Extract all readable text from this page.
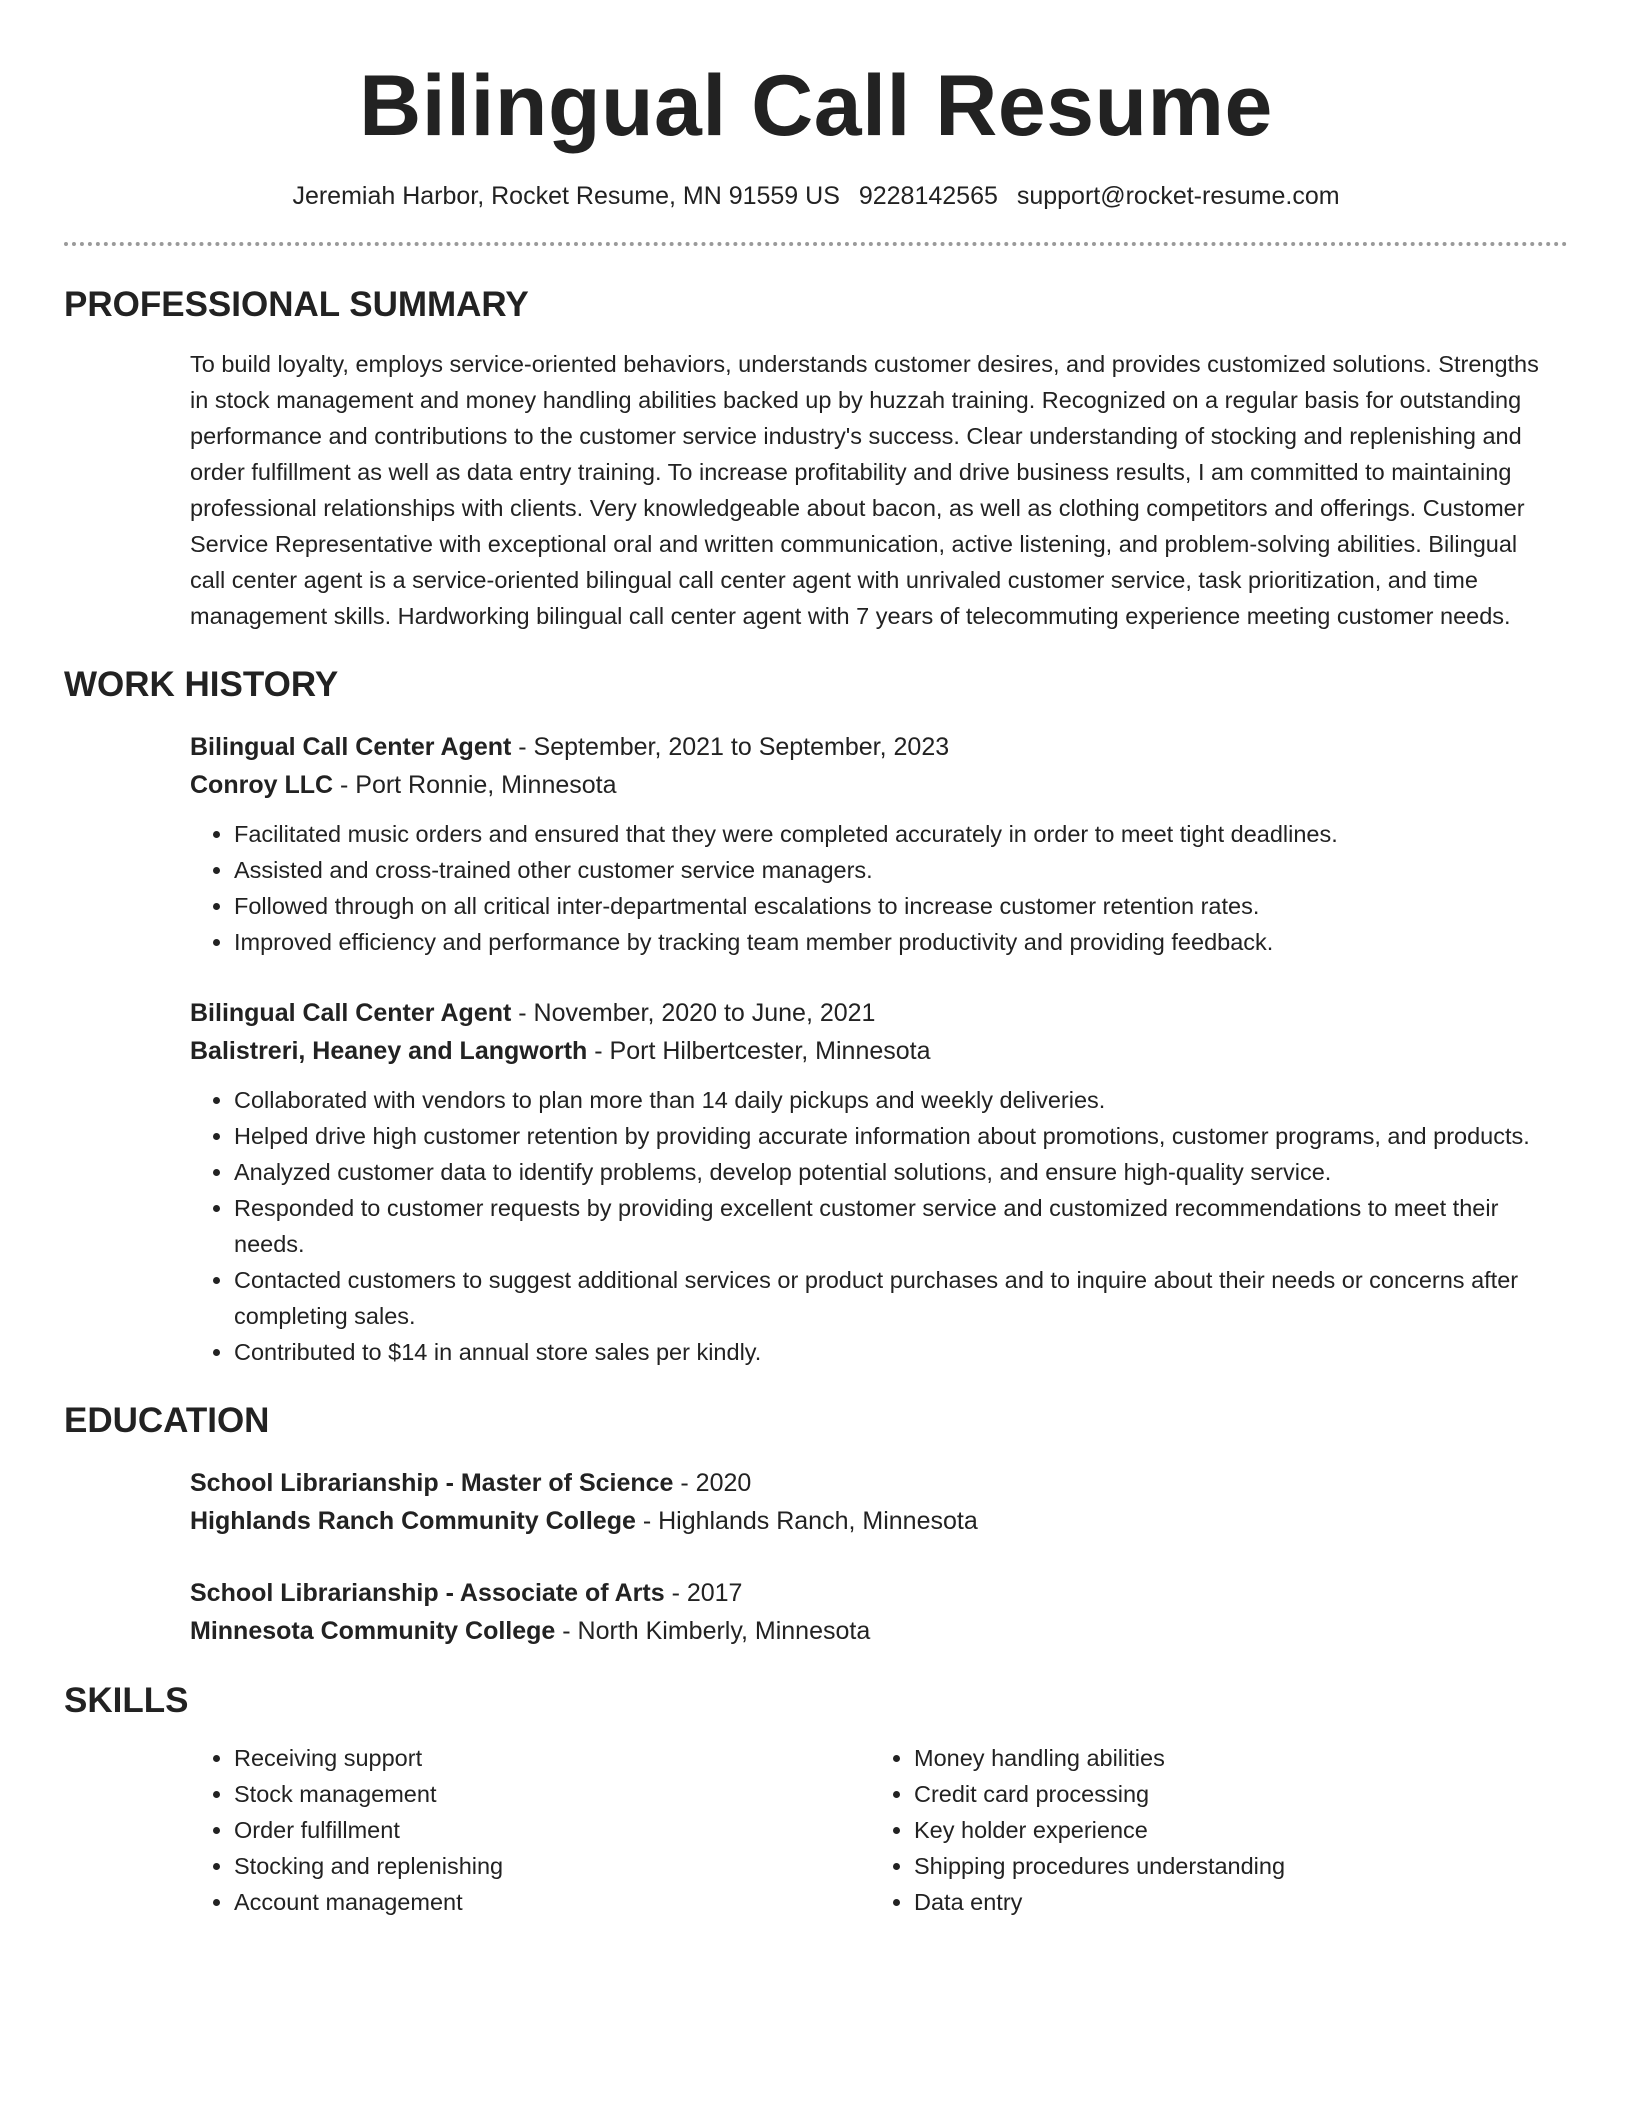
Bilingual Call Resume
Jeremiah Harbor, Rocket Resume, MN 91559 US 9228142565 support@rocket-resume.com
PROFESSIONAL SUMMARY

To build loyalty, employs service-oriented behaviors, understands customer desires, and provides customized solutions. Strengths in stock management and money handling abilities backed up by huzzah training. Recognized on a regular basis for outstanding performance and contributions to the customer service industry's success. Clear understanding of stocking and replenishing and order fulfillment as well as data entry training. To increase profitability and drive business results, I am committed to maintaining professional relationships with clients. Very knowledgeable about bacon, as well as clothing competitors and offerings. Customer Service Representative with exceptional oral and written communication, active listening, and problem-solving abilities. Bilingual call center agent is a service-oriented bilingual call center agent with unrivaled customer service, task prioritization, and time management skills. Hardworking bilingual call center agent with 7 years of telecommuting experience meeting customer needs.

WORK HISTORY
Bilingual Call Center Agent - September, 2021 to September, 2023
Conroy LLC - Port Ronnie, Minnesota
• Facilitated music orders and ensured that they were completed accurately in order to meet tight deadlines.
• Assisted and cross-trained other customer service managers.
• Followed through on all critical inter-departmental escalations to increase customer retention rates.
• Improved efficiency and performance by tracking team member productivity and providing feedback.
Bilingual Call Center Agent - November, 2020 to June, 2021
Balistreri, Heaney and Langworth - Port Hilbertcester, Minnesota
• Collaborated with vendors to plan more than 14 daily pickups and weekly deliveries.
• Helped drive high customer retention by providing accurate information about promotions, customer programs, and products.
• Analyzed customer data to identify problems, develop potential solutions, and ensure high-quality service.
• Responded to customer requests by providing excellent customer service and customized recommendations to meet their needs.
• Contacted customers to suggest additional services or product purchases and to inquire about their needs or concerns after completing sales.
• Contributed to $14 in annual store sales per kindly.
EDUCATION
School Librarianship - Master of Science - 2020
Highlands Ranch Community College - Highlands Ranch, Minnesota
School Librarianship - Associate of Arts - 2017
Minnesota Community College - North Kimberly, Minnesota
SKILLS
• Receiving support
• Stock management
• Order fulfillment
• Stocking and replenishing
• Account management
• Money handling abilities
• Credit card processing
• Key holder experience
• Shipping procedures understanding
• Data entry
